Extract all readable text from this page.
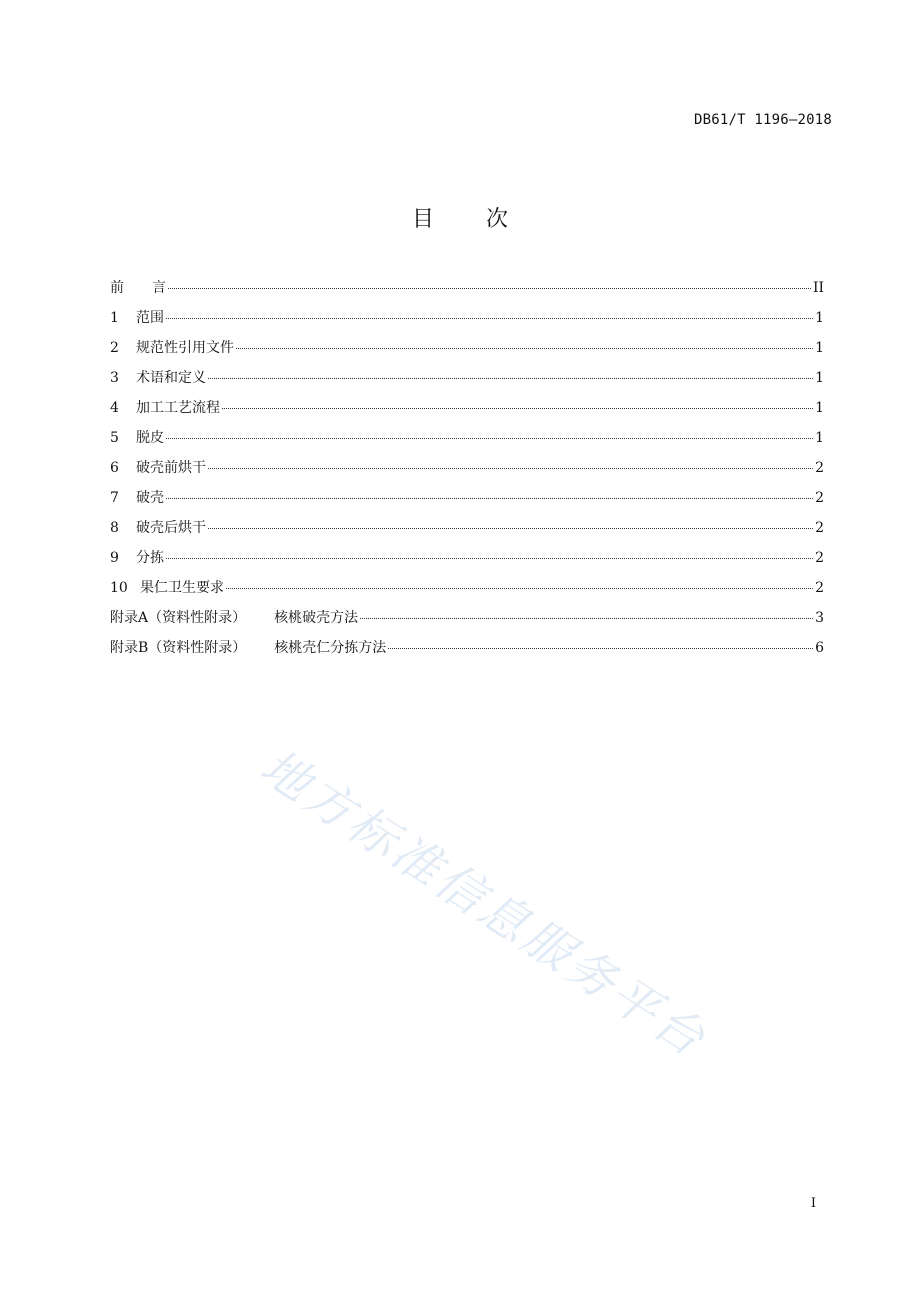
DB61/T 1196—2018
目次
前　　言	II
1 范围	1
2 规范性引用文件	1
3 术语和定义	1
4 加工工艺流程	1
5 脱皮	1
6 破壳前烘干	2
7 破壳	2
8 破壳后烘干	2
9 分拣	2
10 果仁卫生要求	2
附录A（资料性附录） 核桃破壳方法	3
附录B（资料性附录） 核桃壳仁分拣方法	6
地方标准信息服务平台
I
